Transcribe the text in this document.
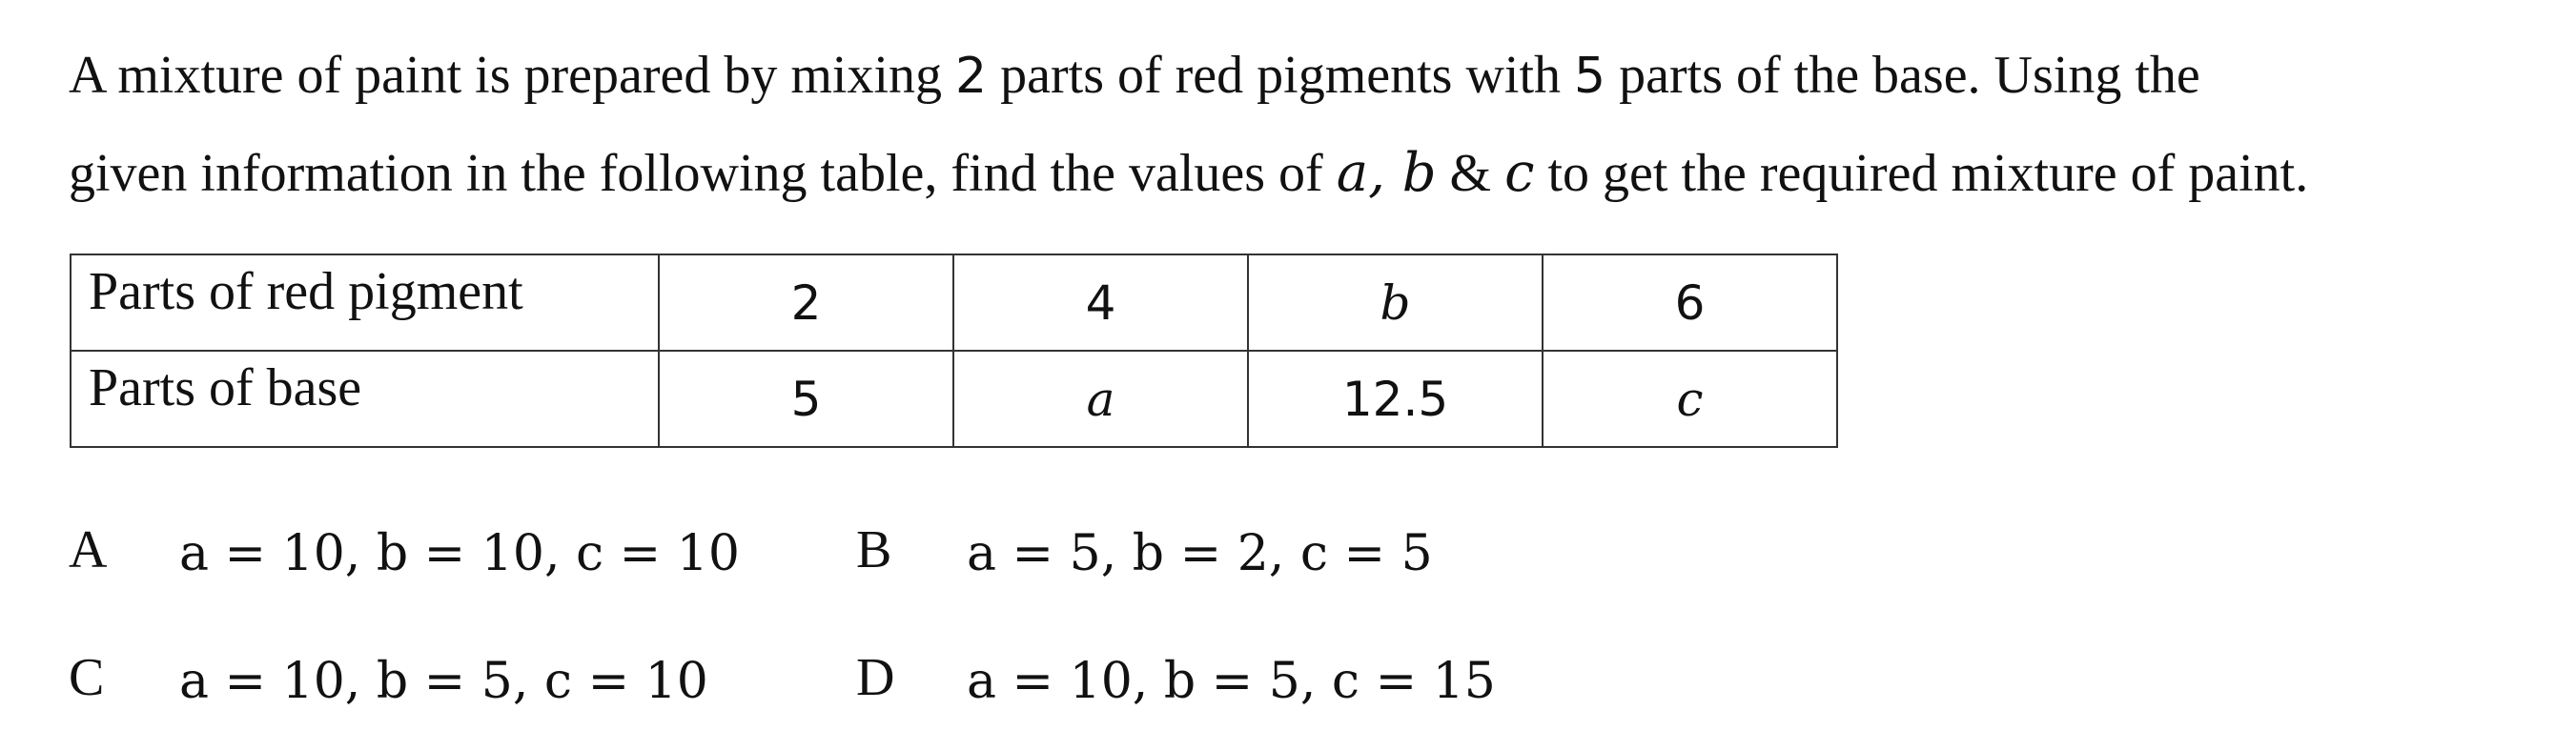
A mixture of paint is prepared by mixing 2 parts of red pigments with 5 parts of the base. Using the
given information in the following table, find the values of a, b & c to get the required mixture of paint.

Parts of red pigment	2	4	b	6
Parts of base	5	a	12.5	c
A a = 10, b = 10, c = 10 B a = 5, b = 2, c = 5
C a = 10, b = 5, c = 10	D a = 10, b = 5, c = 15
